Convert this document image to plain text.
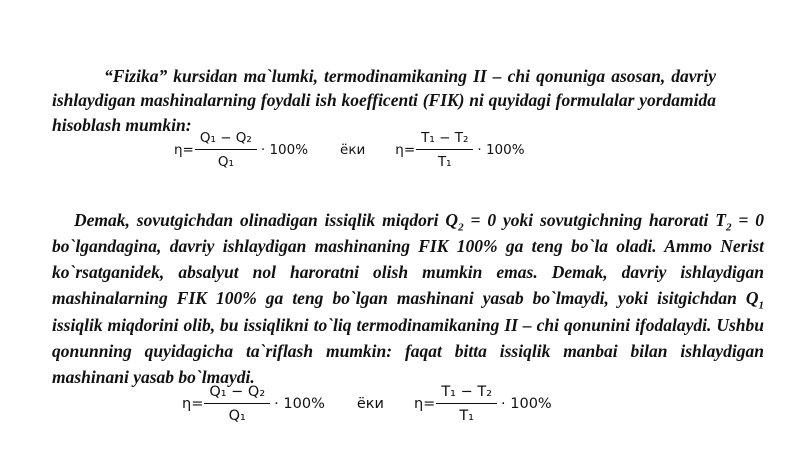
“Fizika” kursidan ma`lumki, termodinamikaning II – chi qonuniga asosan, davriy ishlaydigan mashinalarning foydali ish koefficenti (FIK) ni quyidagi formulalar yordamida hisoblash mumkin:

$\eta= \frac{\text{Q₁ − Q₂}}{\text{Q₁}} \cdot 100\%$ ёки $\eta= \frac{\text{T₁ − T₂}}{\text{T₁}} \cdot 100\%$

Demak, sovutgichdan olinadigan issiqlik miqdori $Q_2 = 0$ yoki sovutgichning harorati $T_2 = 0$ bo`lgandagina, davriy ishlaydigan mashinaning FIK 100% ga teng bo`la oladi. Ammo Nerist ko`rsatganidek, absalyut nol haroratni olish mumkin emas. Demak, davriy ishlaydigan mashinalarning FIK 100% ga teng bo`lgan mashinani yasab bo`lmaydi, yoki isitgichdan $Q_1$ issiqlik miqdorini olib, bu issiqlikni to`liq termodinamikaning II – chi qonunini ifodalaydi. Ushbu qonunning quyidagicha ta`riflash mumkin: faqat bitta issiqlik manbai bilan ishlaydigan mashinani yasab bo`lmaydi.

$\eta= \frac{\text{Q₁ − Q₂}}{\text{Q₁}} \cdot 100\%$ ёки $\eta= \frac{\text{T₁ − T₂}}{\text{T₁}} \cdot 100\%$
